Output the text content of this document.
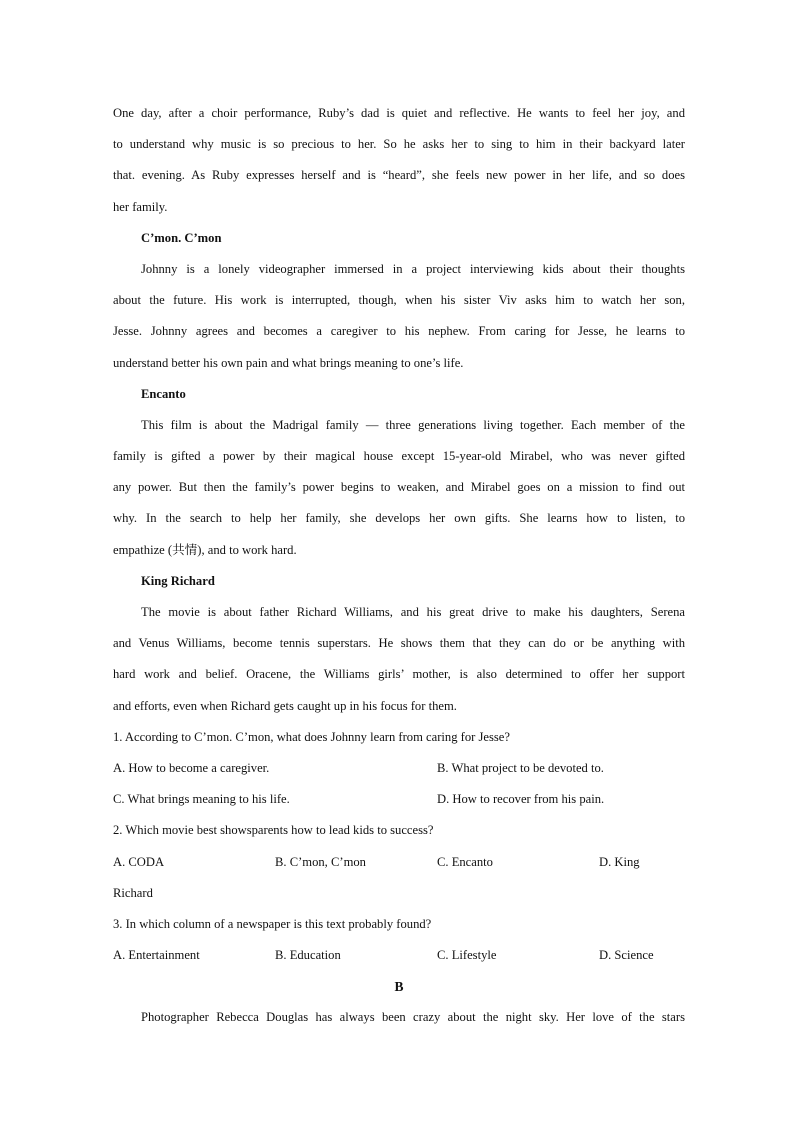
One day, after a choir performance, Ruby’s dad is quiet and reflective. He wants to feel her joy, and
to understand why music is so precious to her. So he asks her to sing to him in their backyard later
that. evening. As Ruby expresses herself and is “heard”, she feels new power in her life, and so does
her family.
C’mon. C’mon
Johnny is a lonely videographer immersed in a project interviewing kids about their thoughts
about the future. His work is interrupted, though, when his sister Viv asks him to watch her son,
Jesse. Johnny agrees and becomes a caregiver to his nephew. From caring for Jesse, he learns to
understand better his own pain and what brings meaning to one’s life.
Encanto
This film is about the Madrigal family — three generations living together. Each member of the
family is gifted a power by their magical house except 15-year-old Mirabel, who was never gifted
any power. But then the family’s power begins to weaken, and Mirabel goes on a mission to find out
why. In the search to help her family, she develops her own gifts. She learns how to listen, to
empathize (共情), and to work hard.
King Richard
The movie is about father Richard Williams, and his great drive to make his daughters, Serena
and Venus Williams, become tennis superstars. He shows them that they can do or be anything with
hard work and belief. Oracene, the Williams girls’ mother, is also determined to offer her support
and efforts, even when Richard gets caught up in his focus for them.
1. According to C’mon. C’mon, what does Johnny learn from caring for Jesse?
A. How to become a caregiver.	B. What project to be devoted to.
C. What brings meaning to his life.	D. How to recover from his pain.
2. Which movie best showsparents how to lead kids to success?
A. CODA	B. C’mon, C’mon	C. Encanto	D. King
Richard
3. In which column of a newspaper is this text probably found?
A. Entertainment	B. Education	C. Lifestyle	D. Science
B
Photographer Rebecca Douglas has always been crazy about the night sky. Her love of the stars
